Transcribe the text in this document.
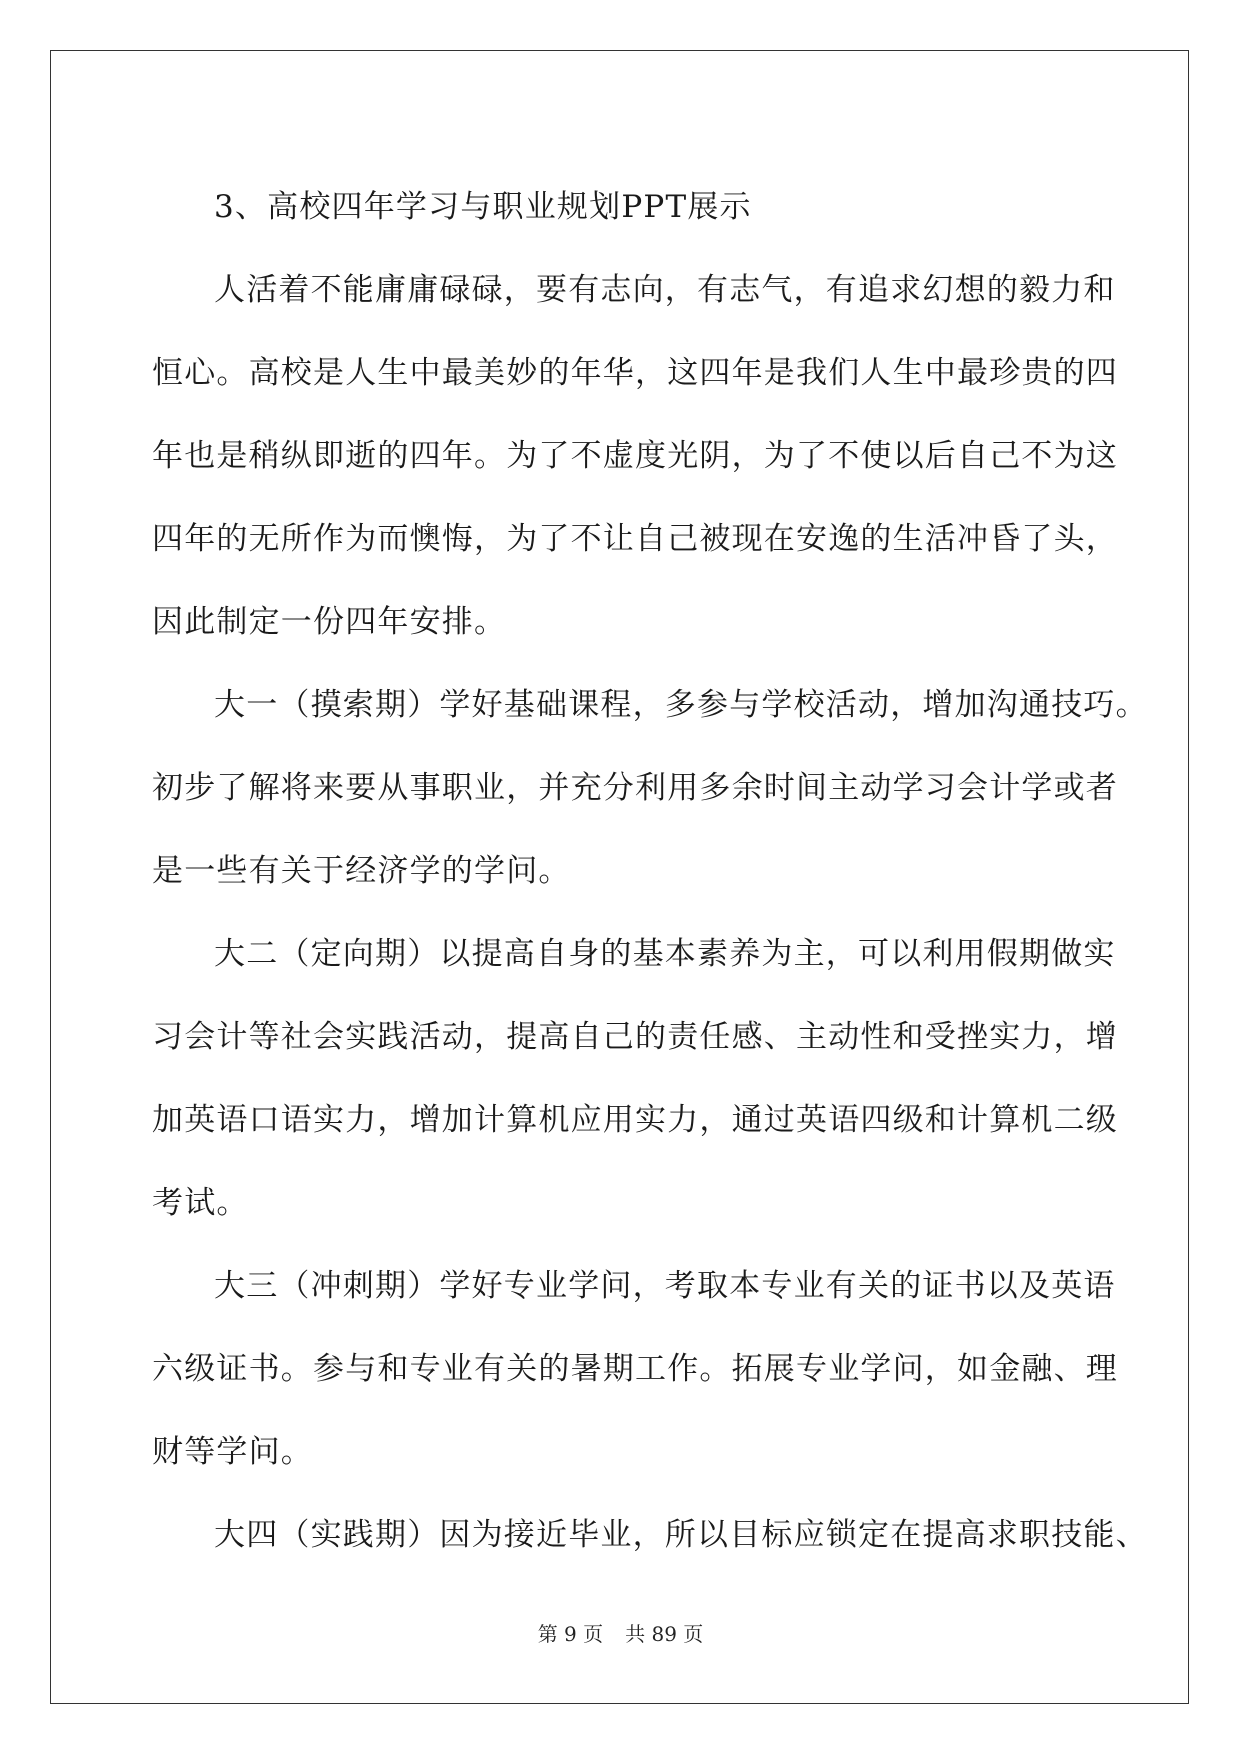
3、高校四年学习与职业规划PPT展示
人活着不能庸庸碌碌，要有志向，有志气，有追求幻想的毅力和
恒心。高校是人生中最美妙的年华，这四年是我们人生中最珍贵的四
年也是稍纵即逝的四年。为了不虚度光阴，为了不使以后自己不为这
四年的无所作为而懊悔，为了不让自己被现在安逸的生活冲昏了头，
因此制定一份四年安排。
大一（摸索期）学好基础课程，多参与学校活动，增加沟通技巧。
初步了解将来要从事职业，并充分利用多余时间主动学习会计学或者
是一些有关于经济学的学问。
大二（定向期）以提高自身的基本素养为主，可以利用假期做实
习会计等社会实践活动，提高自己的责任感、主动性和受挫实力，增
加英语口语实力，增加计算机应用实力，通过英语四级和计算机二级
考试。
大三（冲刺期）学好专业学问，考取本专业有关的证书以及英语
六级证书。参与和专业有关的暑期工作。拓展专业学问，如金融、理
财等学问。
大四（实践期）因为接近毕业，所以目标应锁定在提高求职技能、
第 9 页 共 89 页
